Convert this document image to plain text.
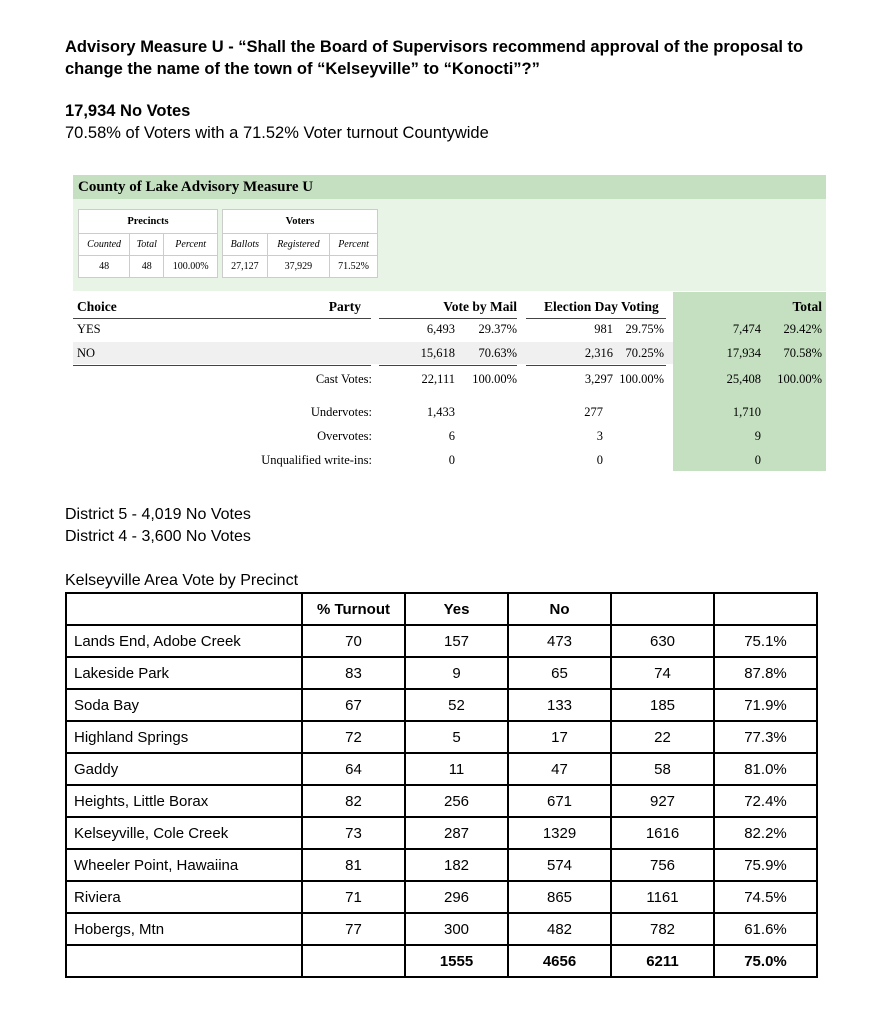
Advisory Measure U - “Shall the Board of Supervisors recommend approval of the proposal to change the name of the town of “Kelseyville” to “Konocti”?”

17,934 No Votes
70.58% of Voters with a 71.52% Voter turnout Countywide
County of Lake Advisory Measure U
Precincts		
Counted	Total	Percent
48	48	100.00%
Voters		
Ballots	Registered	Percent
27,127	37,929	71.52%
Choice	Party	Vote by Mail Election Day Voting	Total
YES	6,493	29.37%	981 29.75%	7,474	29.42%
NO	15,618	70.63%	2,316 70.25%	17,934	70.58%
Cast Votes:	22,111	100.00%	3,297 100.00%	25,408	100.00%
Undervotes:	1,433	277	1,710
Overvotes:	6	3	9
Unqualified write-ins:	0	0	0
District 5 - 4,019 No Votes
District 4 - 3,600 No Votes
Kelseyville Area Vote by Precinct
	% Turnout	Yes	No		
Lands End, Adobe Creek	70	157	473	630	75.1%
Lakeside Park	83	9	65	74	87.8%
Soda Bay	67	52	133	185	71.9%
Highland Springs	72	5	17	22	77.3%
Gaddy	64	11	47	58	81.0%
Heights, Little Borax	82	256	671	927	72.4%
Kelseyville, Cole Creek	73	287	1329	1616	82.2%
Wheeler Point, Hawaiina	81	182	574	756	75.9%
Riviera	71	296	865	1161	74.5%
Hobergs, Mtn	77	300	482	782	61.6%
		1555	4656	6211	75.0%
